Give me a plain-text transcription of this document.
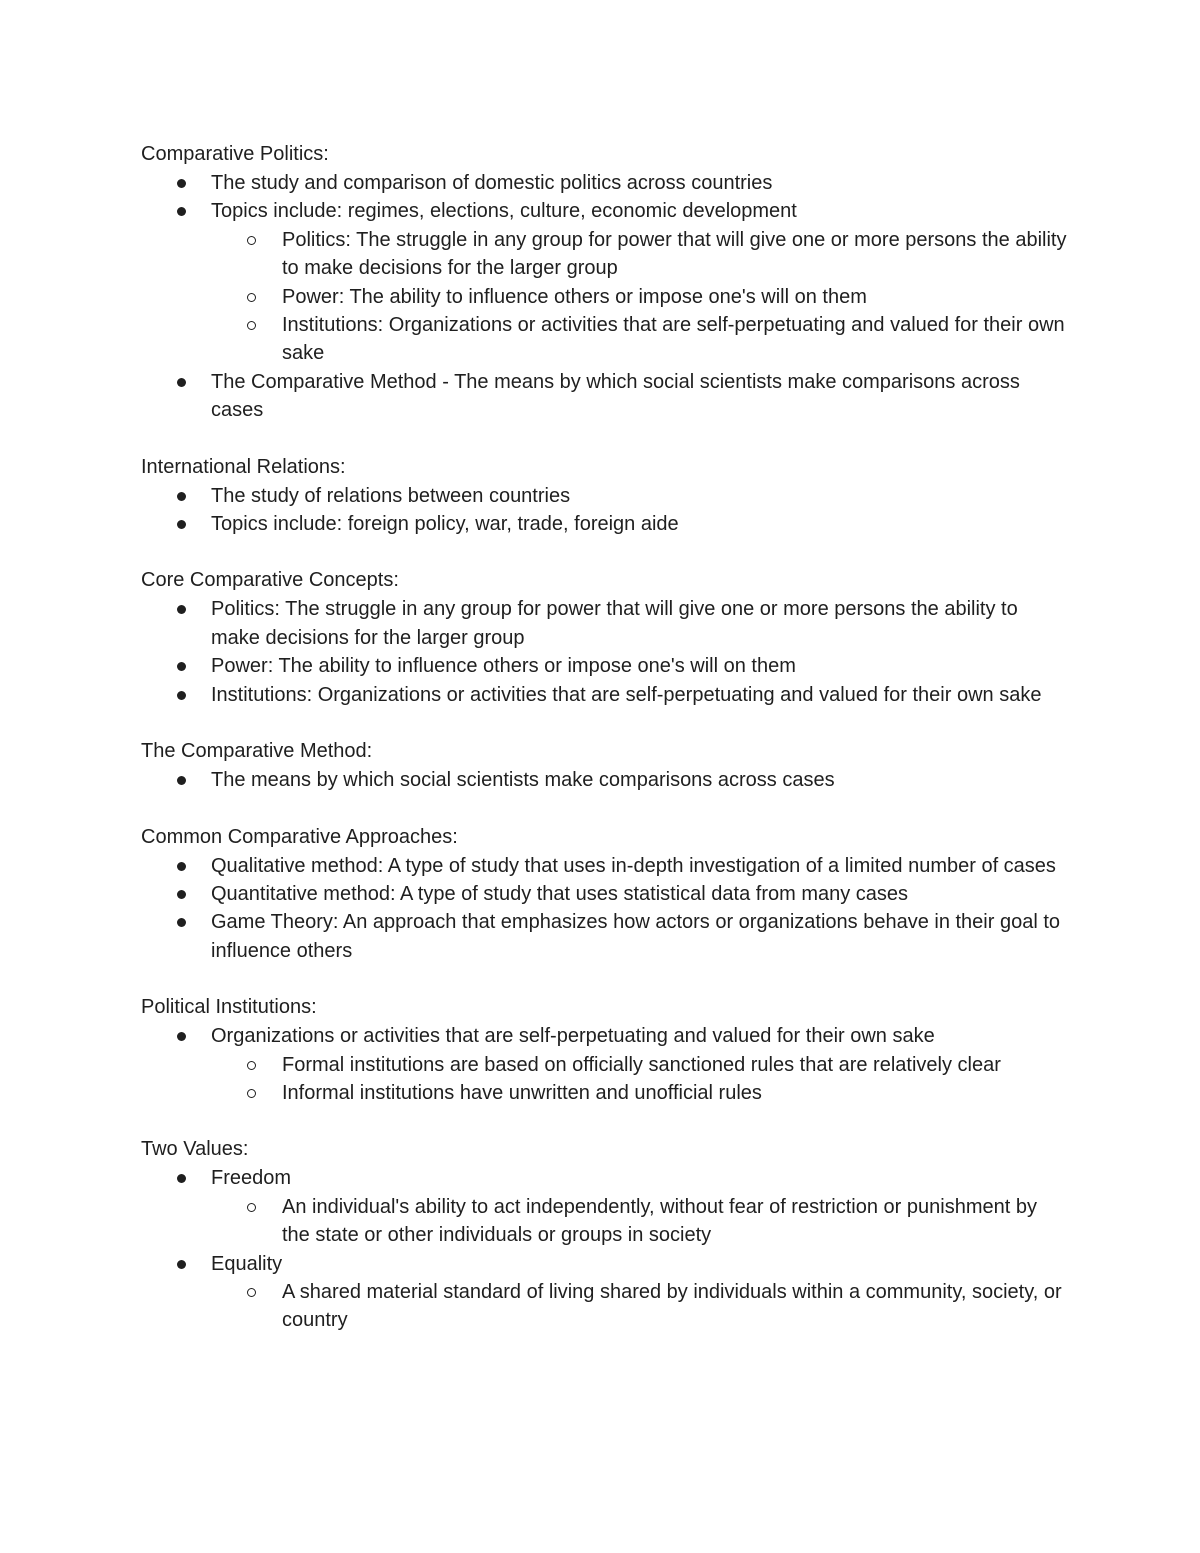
Comparative Politics:

The study and comparison of domestic politics across countries
Topics include: regimes, elections, culture, economic development
Politics: The struggle in any group for power that will give one or more persons the ability to make decisions for the larger group
Power: The ability to influence others or impose one's will on them
Institutions: Organizations or activities that are self-perpetuating and valued for their own sake
The Comparative Method - The means by which social scientists make comparisons across cases

International Relations:

The study of relations between countries
Topics include: foreign policy, war, trade, foreign aide

Core Comparative Concepts:

Politics: The struggle in any group for power that will give one or more persons the ability to make decisions for the larger group
Power: The ability to influence others or impose one's will on them
Institutions: Organizations or activities that are self-perpetuating and valued for their own sake

The Comparative Method:

The means by which social scientists make comparisons across cases

Common Comparative Approaches:

Qualitative method: A type of study that uses in-depth investigation of a limited number of cases
Quantitative method: A type of study that uses statistical data from many cases
Game Theory: An approach that emphasizes how actors or organizations behave in their goal to influence others

Political Institutions:

Organizations or activities that are self-perpetuating and valued for their own sake
Formal institutions are based on officially sanctioned rules that are relatively clear
Informal institutions have unwritten and unofficial rules

Two Values:

Freedom
An individual's ability to act independently, without fear of restriction or punishment by the state or other individuals or groups in society
Equality
A shared material standard of living shared by individuals within a community, society, or country
